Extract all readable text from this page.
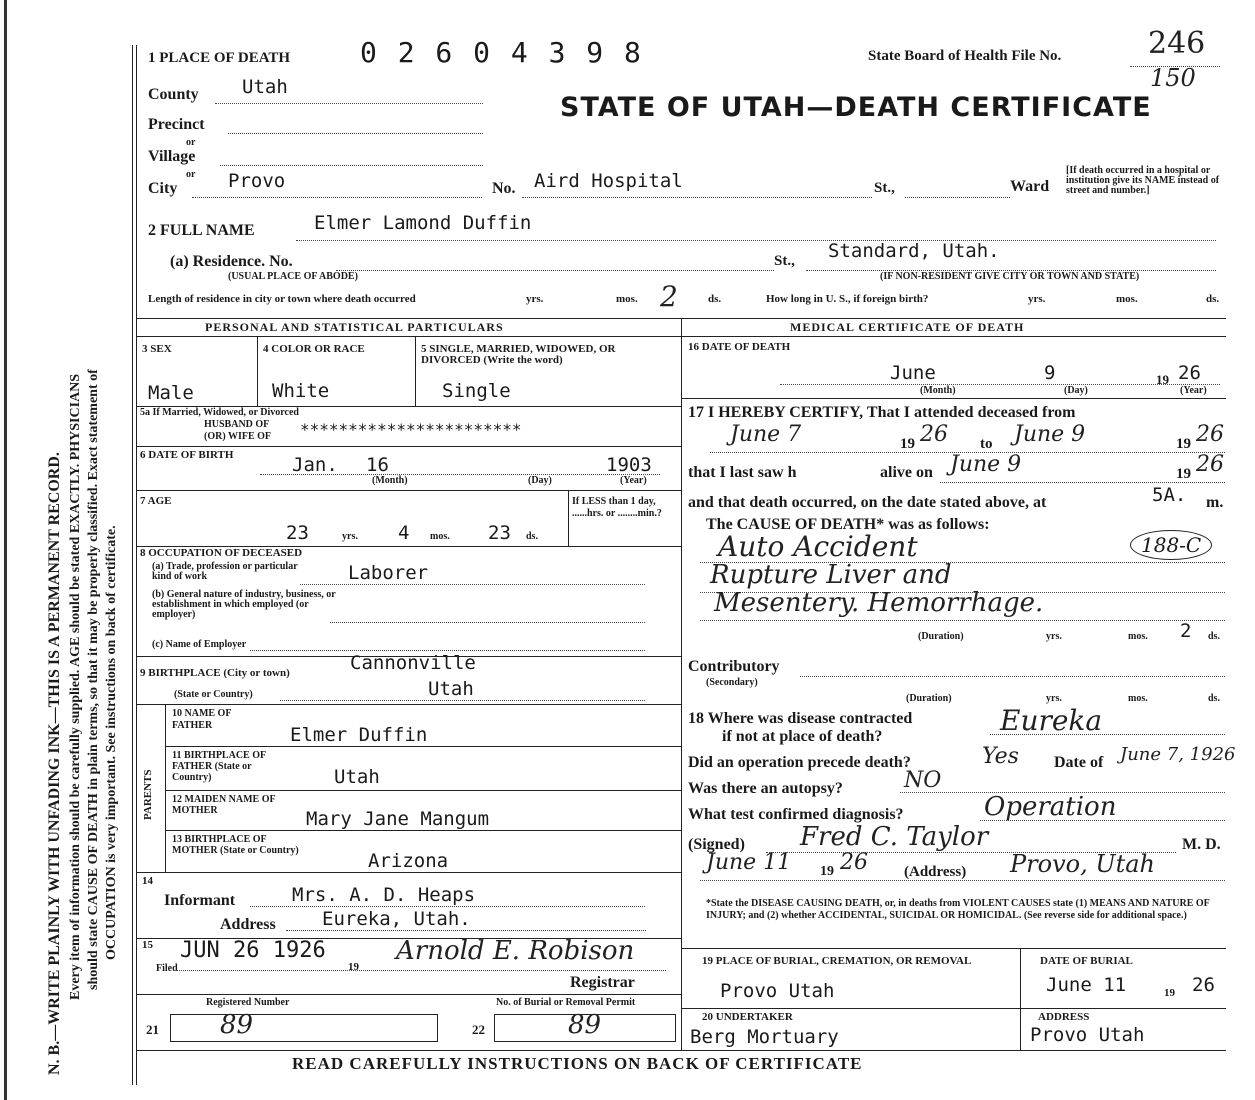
N. B.—WRITE PLAINLY WITH UNFADING INK—THIS IS A PERMANENT RECORD. Every item of information should be carefully supplied. AGE should be stated EXACTLY. PHYSICIANS should state CAUSE OF DEATH in plain terms, so that it may be properly classified. Exact statement of OCCUPATION is very important. See instructions on back of certificate.
1 PLACE OF DEATH 0 2 6 0 4 3 9 8	State Board of Health File No.	246
150
STATE OF UTAH—DEATH CERTIFICATE
County Utah
Precinct
or
Village
or
City	Provo	No. Aird Hospital	St.,	Ward
[If death occurred in a hospital or institution give its NAME instead of street and number.]
2 FULL NAME	Elmer Lamond Duffin
(a) Residence. No.	St., Standard, Utah.
(USUAL PLACE OF ABODE)	(IF NON-RESIDENT GIVE CITY OR TOWN AND STATE)
Length of residence in city or town where death occurred	yrs.	mos. 2	ds.	How long in U. S., if foreign birth?	yrs.	mos.	ds.
PERSONAL AND STATISTICAL PARTICULARS	MEDICAL CERTIFICATE OF DEATH
3 SEX	4 COLOR OR RACE	5 SINGLE, MARRIED, WIDOWED, OR DIVORCED (Write the word)
Male	White	Single
5a If Married, Widowed, or Divorced
HUSBAND OF
(OR) WIFE OF ***********************
6 DATE OF BIRTH	Jan. 16	1903
(Month)	(Day)	(Year)
7 AGE
23	yrs. 4 mos. 23 ds.
If LESS than 1 day, ......hrs. or ........min.?
8 OCCUPATION OF DECEASED
(a) Trade, profession or particular kind of work	Laborer
(b) General nature of industry, business, or establishment in which employed (or employer)
(c) Name of Employer
9 BIRTHPLACE (City or town)	Cannonville
(State or Country)	Utah
PARENTS
10 NAME OF FATHER	Elmer Duffin
11 BIRTHPLACE OF FATHER (State or Country)	Utah
12 MAIDEN NAME OF MOTHER	Mary Jane Mangum
13 BIRTHPLACE OF MOTHER (State or Country)	Arizona
14
Informant	Mrs. A. D. Heaps
Address Eureka, Utah.
15
Filed
JUN 26 1926
19
Arnold E. Robison
Registrar
Registered Number	No. of Burial or Removal Permit
21 89	22	89
16 DATE OF DEATH
June	9	19 26
(Month)	(Day)	(Year)
17 I HEREBY CERTIFY, That I attended deceased from
June 7	19 26 to June 9	19 26
that I last saw h	alive on June 9	19 26
and that death occurred, on the date stated above, at	5A. m.
The CAUSE OF DEATH* was as follows:
Auto Accident	188-C
Rupture Liver and
Mesentery. Hemorrhage.
(Duration)	yrs.	mos. 2 ds.
Contributory
(Secondary)
(Duration)	yrs.	mos.	ds.
18 Where was disease contracted
if not at place of death?	Eureka
Did an operation precede death?	Yes Date of June 7, 1926
Was there an autopsy?	NO
What test confirmed diagnosis?	Operation
(Signed) Fred C. Taylor	M. D.
June 11 19 26 (Address) Provo, Utah
*State the DISEASE CAUSING DEATH, or, in deaths from VIOLENT CAUSES state (1) MEANS AND NATURE OF INJURY; and (2) whether ACCIDENTAL, SUICIDAL OR HOMICIDAL. (See reverse side for additional space.)
19 PLACE OF BURIAL, CREMATION, OR REMOVAL
Provo Utah
DATE OF BURIAL
June 11	19 26
20 UNDERTAKER
Berg Mortuary
ADDRESS
Provo Utah
READ CAREFULLY INSTRUCTIONS ON BACK OF CERTIFICATE
